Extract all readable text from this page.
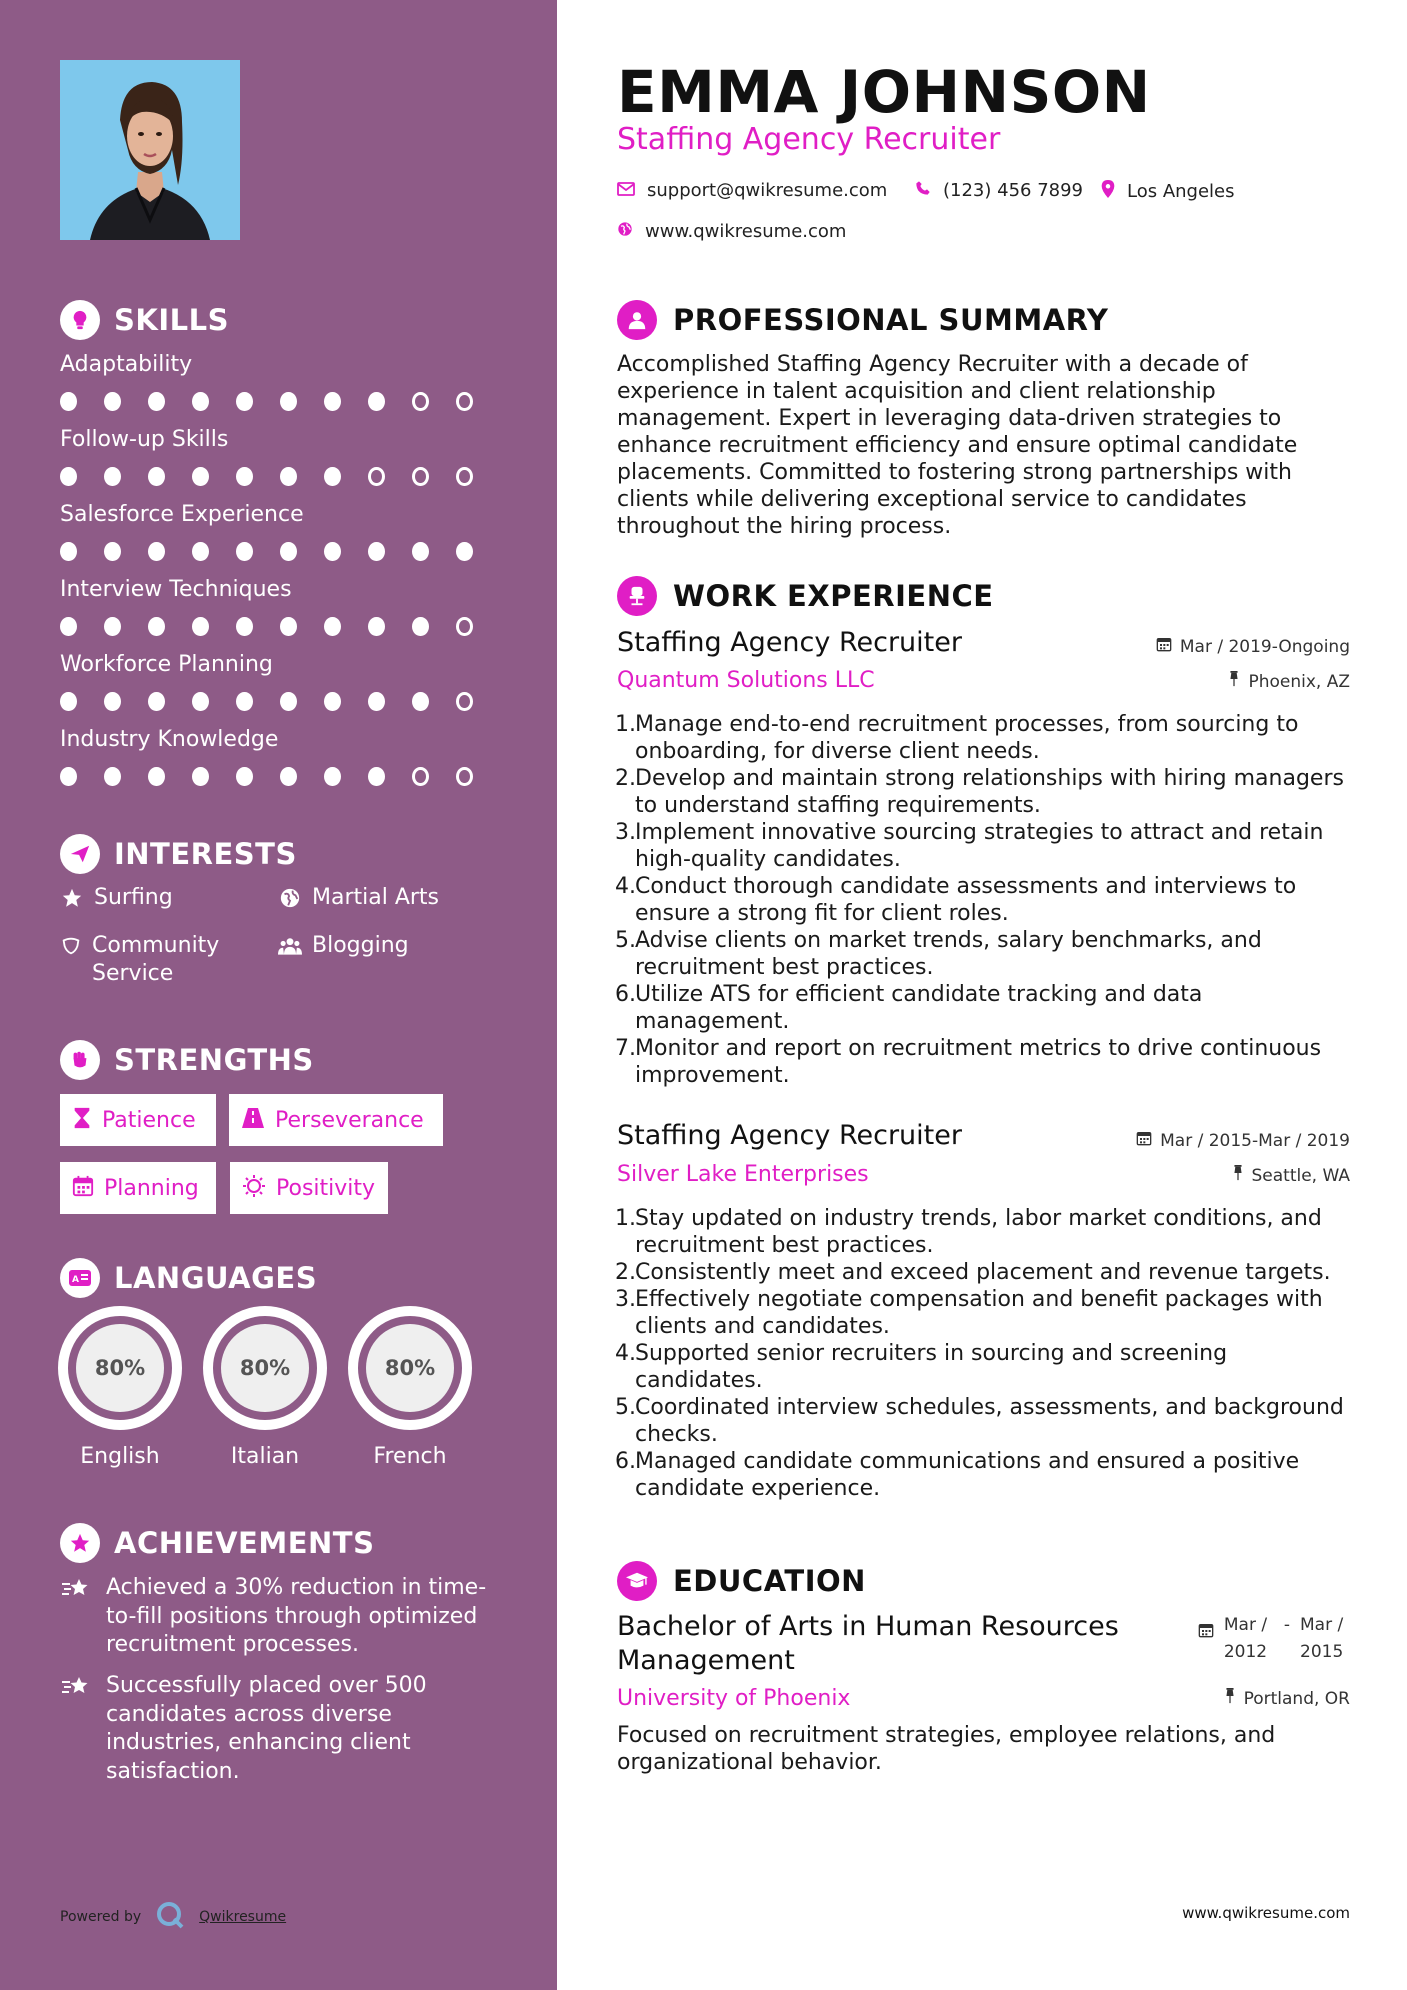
SKILLS
Adaptability
Follow-up Skills
Salesforce Experience
Interview Techniques
Workforce Planning
Industry Knowledge
INTERESTS
Surfing	Martial Arts
Community Service
Blogging
STRENGTHS
Patience	Perseverance
Planning	Positivity
A LANGUAGES
80%
English
80%
Italian
80%
French
ACHIEVEMENTS
Achieved a 30% reduction in time-to-fill positions through optimized recruitment processes.
Successfully placed over 500 candidates across diverse industries, enhancing client satisfaction.
Powered by	Qwikresume
EMMA JOHNSON
Staffing Agency Recruiter
support@qwikresume.com	(123) 456 7899 Los Angeles
www.qwikresume.com
PROFESSIONAL SUMMARY
Accomplished Staffing Agency Recruiter with a decade of experience in talent acquisition and client relationship management. Expert in leveraging data-driven strategies to enhance recruitment efficiency and ensure optimal candidate placements. Committed to fostering strong partnerships with clients while delivering exceptional service to candidates throughout the hiring process.
WORK EXPERIENCE
Staffing Agency Recruiter	Mar / 2019-Ongoing
Quantum Solutions LLC	Phoenix, AZ
1. Manage end-to-end recruitment processes, from sourcing to onboarding, for diverse client needs.
2. Develop and maintain strong relationships with hiring managers to understand staffing requirements.
3. Implement innovative sourcing strategies to attract and retain high-quality candidates.
4. Conduct thorough candidate assessments and interviews to ensure a strong fit for client roles.
5. Advise clients on market trends, salary benchmarks, and recruitment best practices.
6. Utilize ATS for efficient candidate tracking and data management.
7. Monitor and report on recruitment metrics to drive continuous improvement.
Staffing Agency Recruiter	Mar / 2015-Mar / 2019
Silver Lake Enterprises	Seattle, WA
1. Stay updated on industry trends, labor market conditions, and recruitment best practices.
2. Consistently meet and exceed placement and revenue targets.
3. Effectively negotiate compensation and benefit packages with clients and candidates.
4. Supported senior recruiters in sourcing and screening candidates.
5. Coordinated interview schedules, assessments, and background checks.
6. Managed candidate communications and ensured a positive candidate experience.
EDUCATION
Bachelor of Arts in Human Resources Management
Mar / 2012
- Mar / 2015
University of Phoenix	Portland, OR
Focused on recruitment strategies, employee relations, and organizational behavior.
www.qwikresume.com
